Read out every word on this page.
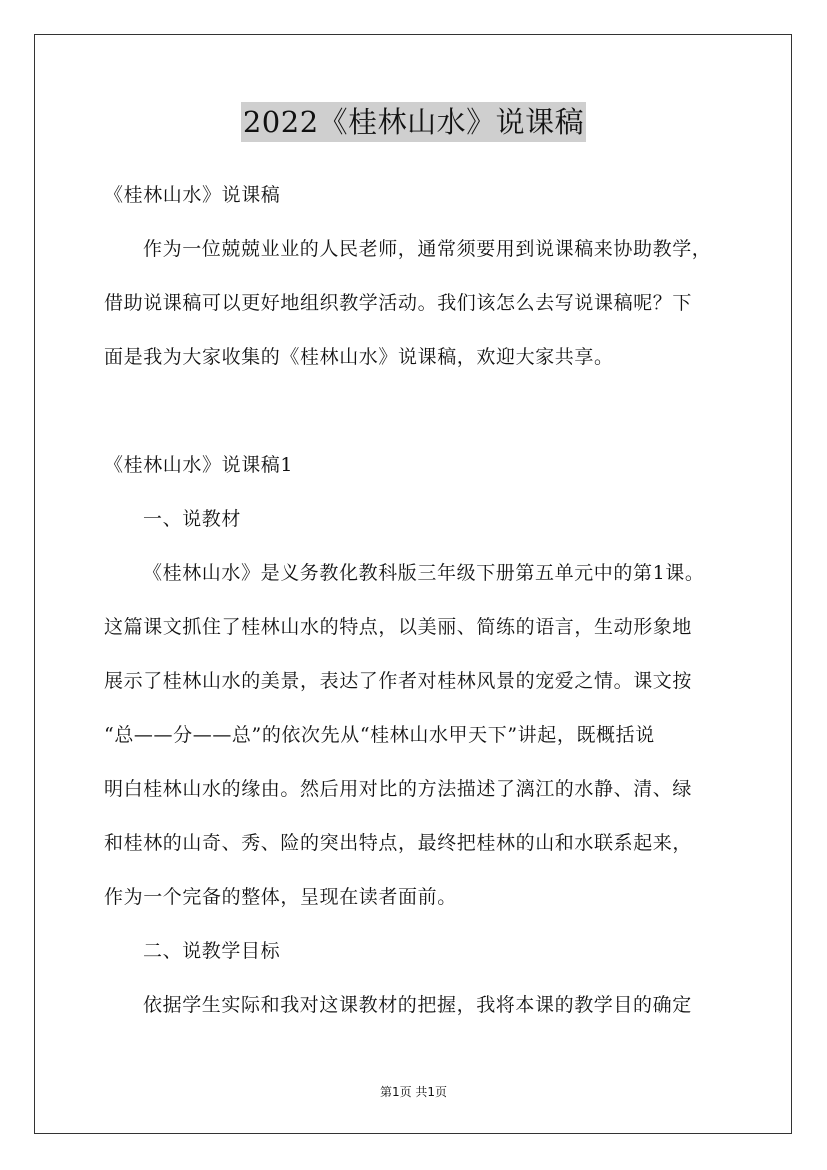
2022《桂林山水》说课稿
《桂林山水》说课稿
作为一位兢兢业业的人民老师，通常须要用到说课稿来协助教学，
借助说课稿可以更好地组织教学活动。我们该怎么去写说课稿呢？下
面是我为大家收集的《桂林山水》说课稿，欢迎大家共享。
《桂林山水》说课稿1
一、说教材
《桂林山水》是义务教化教科版三年级下册第五单元中的第1课。
这篇课文抓住了桂林山水的特点，以美丽、简练的语言，生动形象地
展示了桂林山水的美景，表达了作者对桂林风景的宠爱之情。课文按
“总——分——总”的依次先从“桂林山水甲天下”讲起，既概括说
明白桂林山水的缘由。然后用对比的方法描述了漓江的水静、清、绿
和桂林的山奇、秀、险的突出特点，最终把桂林的山和水联系起来，
作为一个完备的整体，呈现在读者面前。
二、说教学目标
依据学生实际和我对这课教材的把握，我将本课的教学目的确定
第1页 共1页
